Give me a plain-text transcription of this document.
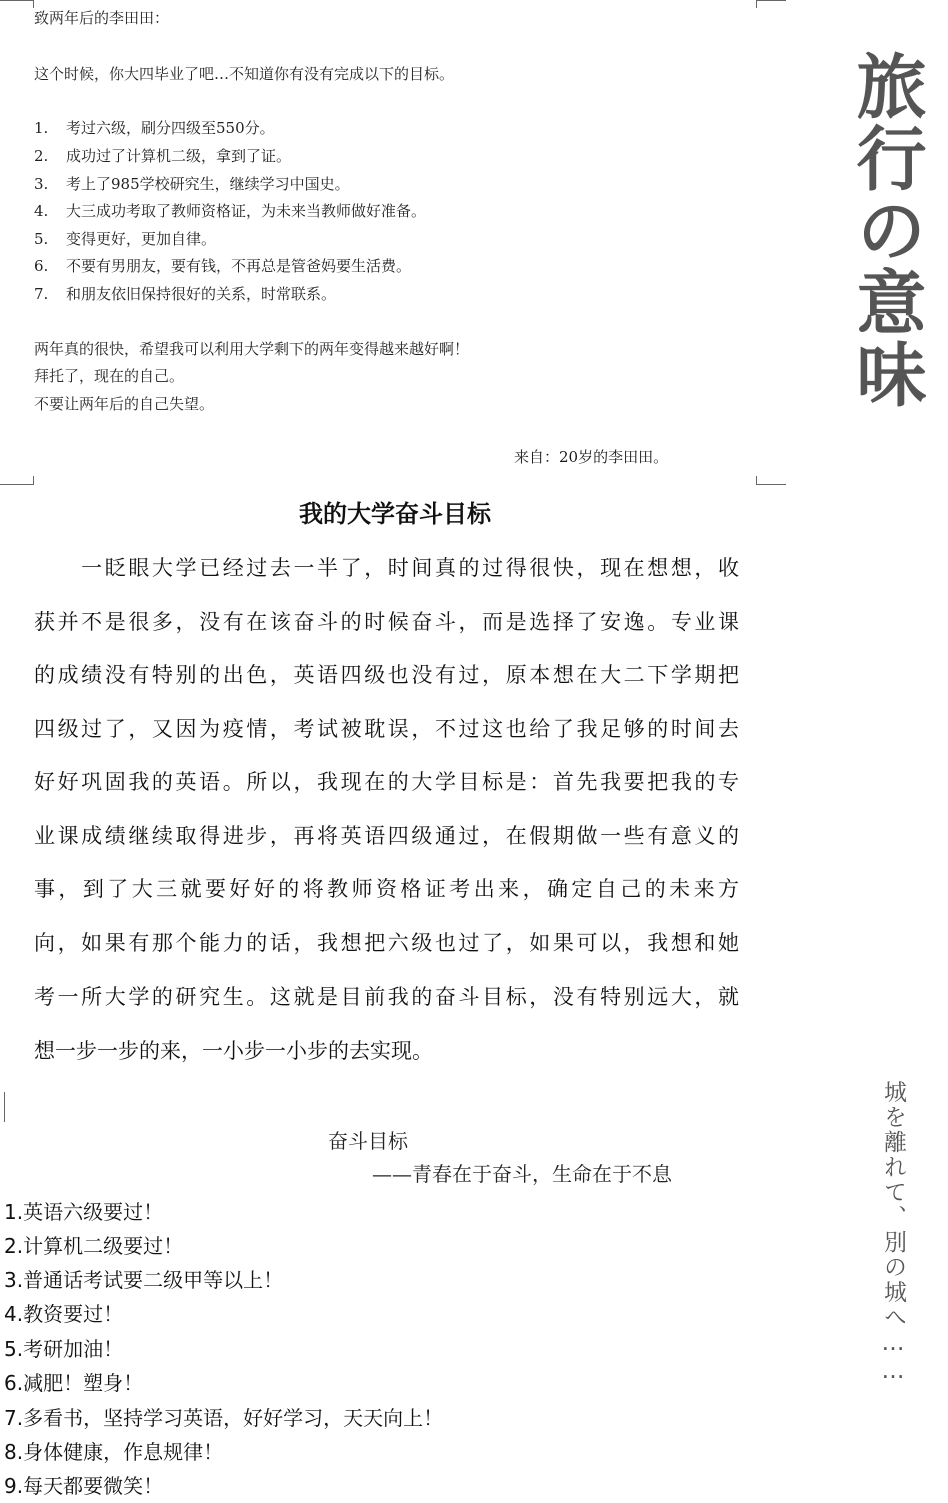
致两年后的李田田：
这个时候，你大四毕业了吧…不知道你有没有完成以下的目标。
1. 考过六级，刷分四级至550分。
2. 成功过了计算机二级，拿到了证。
3. 考上了985学校研究生，继续学习中国史。
4. 大三成功考取了教师资格证，为未来当教师做好准备。
5. 变得更好，更加自律。
6. 不要有男朋友，要有钱，不再总是管爸妈要生活费。
7. 和朋友依旧保持很好的关系，时常联系。
两年真的很快，希望我可以利用大学剩下的两年变得越来越好啊！
拜托了，现在的自己。
不要让两年后的自己失望。
来自：20岁的李田田。
旅行の意味
城を離れて、別の城へ……
我的大学奋斗目标
　　一眨眼大学已经过去一半了，时间真的过得很快，现在想想，收
获并不是很多，没有在该奋斗的时候奋斗，而是选择了安逸。专业课
的成绩没有特别的出色，英语四级也没有过，原本想在大二下学期把
四级过了，又因为疫情，考试被耽误，不过这也给了我足够的时间去
好好巩固我的英语。所以，我现在的大学目标是：首先我要把我的专
业课成绩继续取得进步，再将英语四级通过，在假期做一些有意义的
事，到了大三就要好好的将教师资格证考出来，确定自己的未来方
向，如果有那个能力的话，我想把六级也过了，如果可以，我想和她
考一所大学的研究生。这就是目前我的奋斗目标，没有特别远大，就
想一步一步的来，一小步一小步的去实现。
奋斗目标
——青春在于奋斗，生命在于不息
1.英语六级要过！
2.计算机二级要过！
3.普通话考试要二级甲等以上！
4.教资要过！
5.考研加油！
6.减肥！塑身！
7.多看书，坚持学习英语，好好学习，天天向上！
8.身体健康，作息规律！
9.每天都要微笑！
